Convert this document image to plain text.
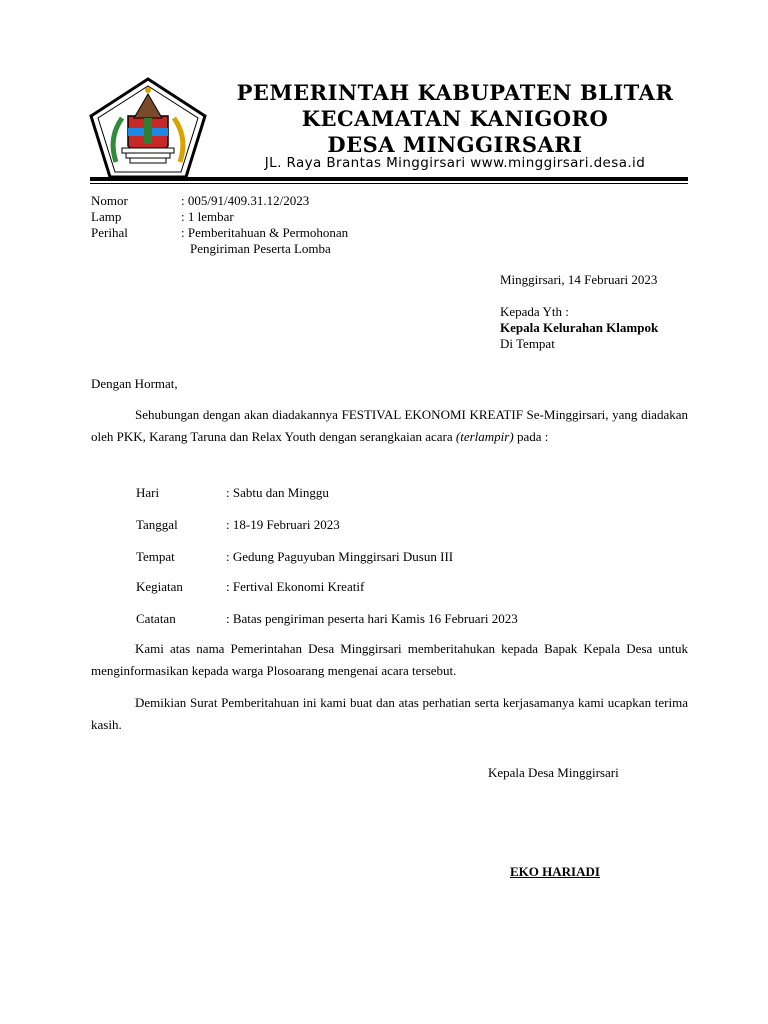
PEMERINTAH KABUPATEN BLITAR
KECAMATAN KANIGORO
DESA MINGGIRSARI
JL. Raya Brantas Minggirsari www.minggirsari.desa.id
Nomor	: 005/91/409.31.12/2023
Lamp	: 1 lembar
Perihal	: Pemberitahuan & Permohonan
Pengiriman Peserta Lomba
Minggirsari, 14 Februari 2023
Kepada Yth :
Kepala Kelurahan Klampok
Di Tempat
Dengan Hormat,
Sehubungan dengan akan diadakannya FESTIVAL EKONOMI KREATIF Se-Minggirsari, yang diadakan oleh PKK, Karang Taruna dan Relax Youth dengan serangkaian acara (terlampir) pada :
Hari	: Sabtu dan Minggu
Tanggal	: 18-19 Februari 2023
Tempat	: Gedung Paguyuban Minggirsari Dusun III
Kegiatan	: Fertival Ekonomi Kreatif
Catatan	: Batas pengiriman peserta hari Kamis 16 Februari 2023
Kami atas nama Pemerintahan Desa Minggirsari memberitahukan kepada Bapak Kepala Desa untuk menginformasikan kepada warga Plosoarang mengenai acara tersebut.
Demikian Surat Pemberitahuan ini kami buat dan atas perhatian serta kerjasamanya kami ucapkan terima kasih.
Kepala Desa Minggirsari
EKO HARIADI
